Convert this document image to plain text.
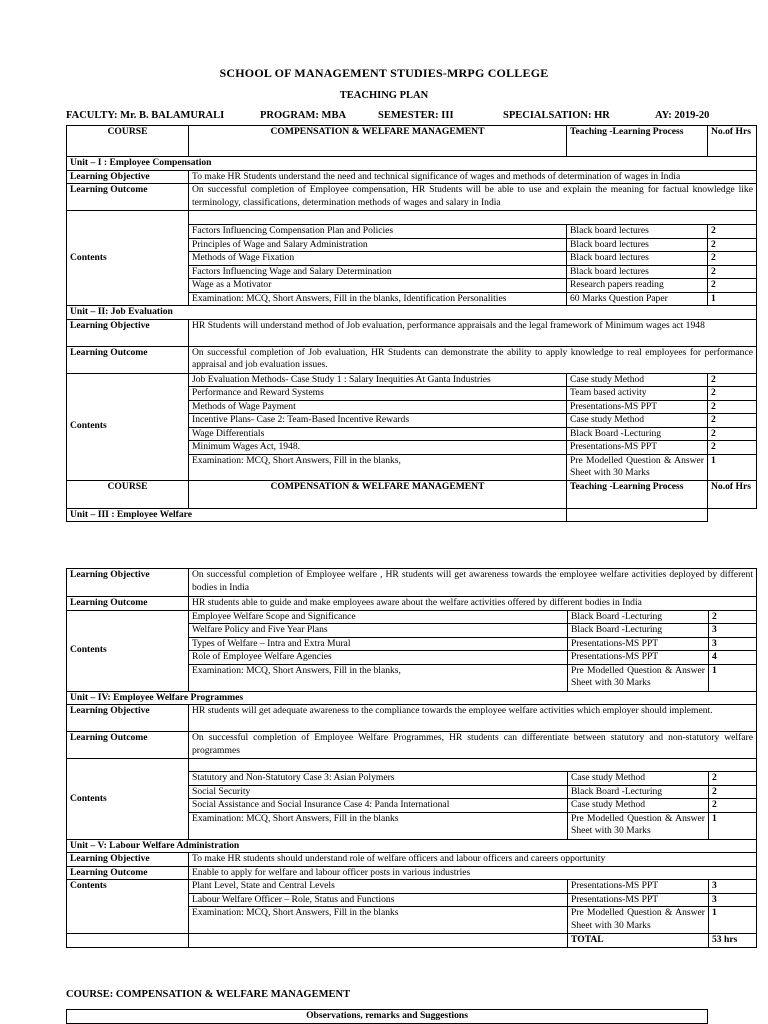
SCHOOL OF MANAGEMENT STUDIES-MRPG COLLEGE
TEACHING PLAN
FACULTY: Mr. B. BALAMURALI	PROGRAM: MBA	SEMESTER: III	SPECIALSATION: HR	AY: 2019-20
COURSE	COMPENSATION & WELFARE MANAGEMENT	Teaching -Learning Process	No.of Hrs
Unit – I : Employee Compensation			
Learning Objective	To make HR Students understand the need and technical significance of wages and methods of determination of wages in India		
Learning Outcome	On successful completion of Employee compensation, HR Students will be able to use and explain the meaning for factual knowledge like terminology, classifications, determination methods of wages and salary in India		
Contents			
	Factors Influencing Compensation Plan and Policies	Black board lectures	2
	Principles of Wage and Salary Administration	Black board lectures	2
	Methods of Wage Fixation	Black board lectures	2
	Factors Influencing Wage and Salary Determination	Black board lectures	2
	Wage as a Motivator	Research papers reading	2
	Examination: MCQ, Short Answers, Fill in the blanks, Identification Personalities	60 Marks Question Paper	1
Unit – II: Job Evaluation			
Learning Objective	HR Students will understand method of Job evaluation, performance appraisals and the legal framework of Minimum wages act 1948		
Learning Outcome	On successful completion of Job evaluation, HR Students can demonstrate the ability to apply knowledge to real employees for performance appraisal and job evaluation issues.		
Contents	Job Evaluation Methods- Case Study 1 : Salary Inequities At Ganta Industries	Case study Method	2
	Performance and Reward Systems	Team based activity	2
	Methods of Wage Payment	Presentations-MS PPT	2
	Incentive Plans- Case 2: Team-Based Incentive Rewards	Case study Method	2
	Wage Differentials	Black Board -Lecturing	2
	Minimum Wages Act, 1948.	Presentations-MS PPT	2
	Examination: MCQ, Short Answers, Fill in the blanks,	Pre Modelled Question & Answer Sheet with 30 Marks	1
COURSE	COMPENSATION & WELFARE MANAGEMENT	Teaching -Learning Process	No.of Hrs
Unit – III : Employee Welfare			
Learning Objective	On successful completion of Employee welfare , HR students will get awareness towards the employee welfare activities deployed by different bodies in India		
Learning Outcome	HR students able to guide and make employees aware about the welfare activities offered by different bodies in India		
Contents	Employee Welfare Scope and Significance	Black Board -Lecturing	2
	Welfare Policy and Five Year Plans	Black Board -Lecturing	3
	Types of Welfare – Intra and Extra Mural	Presentations-MS PPT	3
	Role of Employee Welfare Agencies	Presentations-MS PPT	4
	Examination: MCQ, Short Answers, Fill in the blanks,	Pre Modelled Question & Answer Sheet with 30 Marks	1
Unit – IV: Employee Welfare Programmes			
Learning Objective	HR students will get adequate awareness to the compliance towards the employee welfare activities which employer should implement.		
Learning Outcome	On successful completion of Employee Welfare Programmes, HR students can differentiate between statutory and non-statutory welfare programmes		
Contents			
	Statutory and Non-Statutory Case 3: Asian Polymers	Case study Method	2
	Social Security	Black Board -Lecturing	2
	Social Assistance and Social Insurance Case 4: Panda International	Case study Method	2
	Examination: MCQ, Short Answers, Fill in the blanks	Pre Modelled Question & Answer Sheet with 30 Marks	1
Unit – V: Labour Welfare Administration			
Learning Objective	To make HR students should understand role of welfare officers and labour officers and careers opportunity		
Learning Outcome	Enable to apply for welfare and labour officer posts in various industries		
Contents	Plant Level, State and Central Levels	Presentations-MS PPT	3
	Labour Welfare Officer – Role, Status and Functions	Presentations-MS PPT	3
	Examination: MCQ, Short Answers, Fill in the blanks	Pre Modelled Question & Answer Sheet with 30 Marks	1
		TOTAL	53 hrs
COURSE: COMPENSATION & WELFARE MANAGEMENT
Observations, remarks and Suggestions
